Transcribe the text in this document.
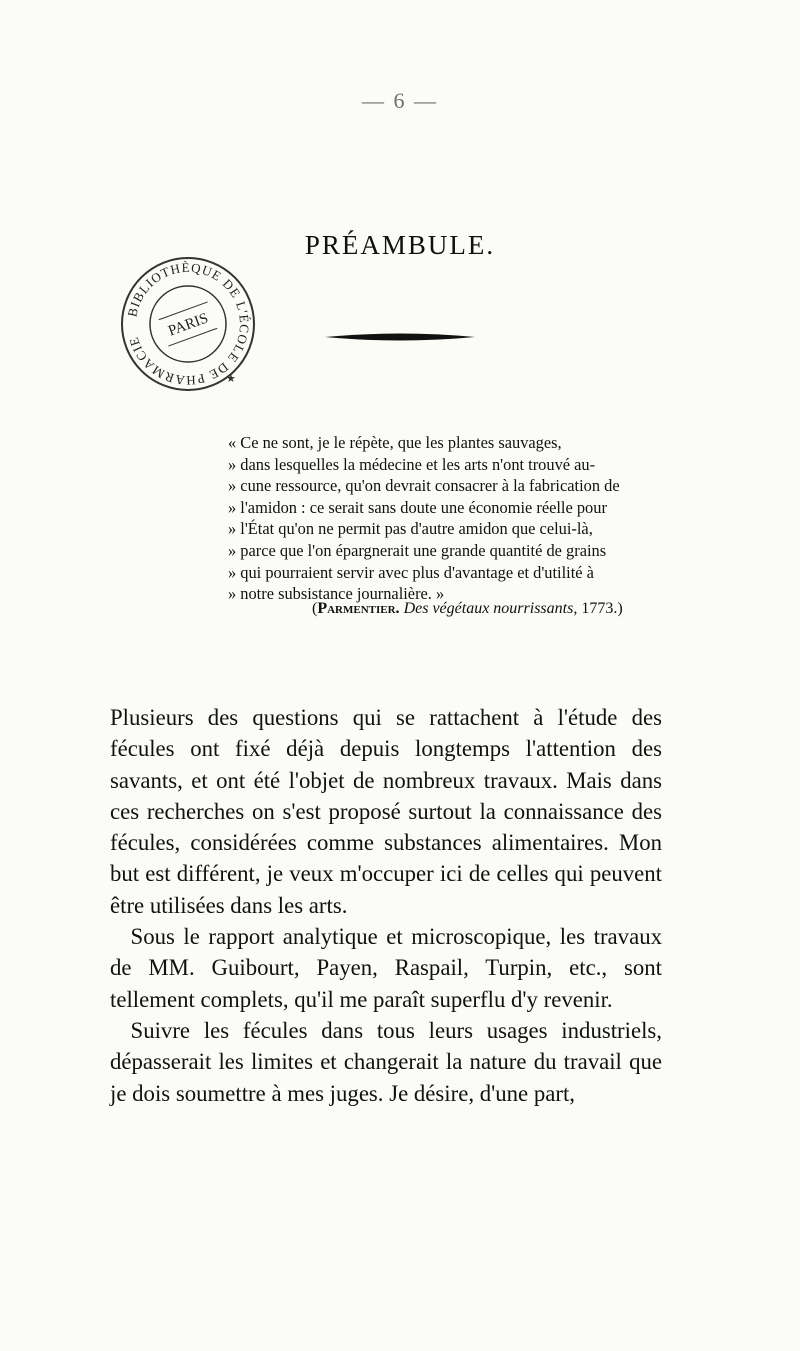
— 6 —
BIBLIOTHÈQUE DE L'ÉCOLE DE PHARMACIE
PARIS
★
PRÉAMBULE.
« Ce ne sont, je le répète, que les plantes sauvages,
» dans lesquelles la médecine et les arts n'ont trouvé au-
» cune ressource, qu'on devrait consacrer à la fabrication de
» l'amidon : ce serait sans doute une économie réelle pour
» l'État qu'on ne permit pas d'autre amidon que celui-là,
» parce que l'on épargnerait une grande quantité de grains
» qui pourraient servir avec plus d'avantage et d'utilité à
» notre subsistance journalière. »
(Parmentier. Des végétaux nourrissants, 1773.)

Plusieurs des questions qui se rattachent à l'étude des fécules ont fixé déjà depuis longtemps l'attention des savants, et ont été l'objet de nombreux travaux. Mais dans ces recherches on s'est proposé surtout la connaissance des fécules, considérées comme substances alimentaires. Mon but est différent, je veux m'occuper ici de celles qui peuvent être utilisées dans les arts.

Sous le rapport analytique et microscopique, les travaux de MM. Guibourt, Payen, Raspail, Turpin, etc., sont tellement complets, qu'il me paraît superflu d'y revenir.

Suivre les fécules dans tous leurs usages industriels, dépasserait les limites et changerait la nature du travail que je dois soumettre à mes juges. Je désire, d'une part,
